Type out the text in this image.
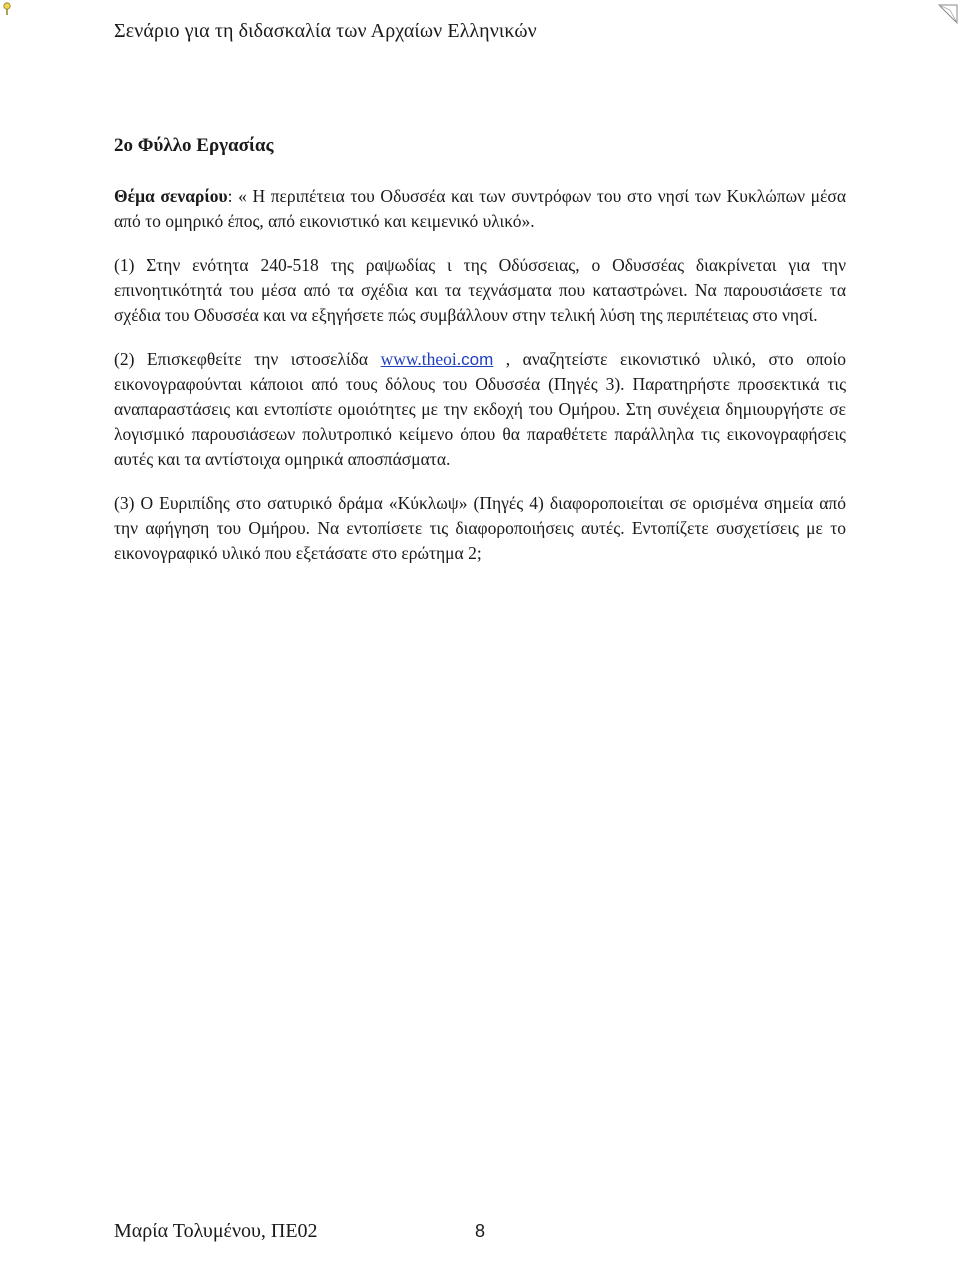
Σενάριο για τη διδασκαλία των Αρχαίων Ελληνικών
2ο Φύλλο Εργασίας

Θέμα σεναρίου: « Η περιπέτεια του Οδυσσέα και των συντρόφων του στο νησί των Κυκλώπων μέσα από το ομηρικό έπος, από εικονιστικό και κειμενικό υλικό».

(1) Στην ενότητα 240-518 της ραψωδίας ι της Οδύσσειας, ο Οδυσσέας διακρίνεται για την επινοητικότητά του μέσα από τα σχέδια και τα τεχνάσματα που καταστρώνει. Να παρουσιάσετε τα σχέδια του Οδυσσέα και να εξηγήσετε πώς συμβάλλουν στην τελική λύση της περιπέτειας στο νησί.

(2) Επισκεφθείτε την ιστοσελίδα www.theoi.com , αναζητείστε εικονιστικό υλικό, στο οποίο εικονογραφούνται κάποιοι από τους δόλους του Οδυσσέα (Πηγές 3). Παρατηρήστε προσεκτικά τις αναπαραστάσεις και εντοπίστε ομοιότητες με την εκδοχή του Ομήρου. Στη συνέχεια δημιουργήστε σε λογισμικό παρουσιάσεων πολυτροπικό κείμενο όπου θα παραθέτετε παράλληλα τις εικονογραφήσεις αυτές και τα αντίστοιχα ομηρικά αποσπάσματα.

(3) Ο Ευριπίδης στο σατυρικό δράμα «Κύκλωψ» (Πηγές 4) διαφοροποιείται σε ορισμένα σημεία από την αφήγηση του Ομήρου. Να εντοπίσετε τις διαφοροποιήσεις αυτές. Εντοπίζετε συσχετίσεις με το εικονογραφικό υλικό που εξετάσατε στο ερώτημα 2;

Μαρία Τολυμένου, ΠΕ02	8
